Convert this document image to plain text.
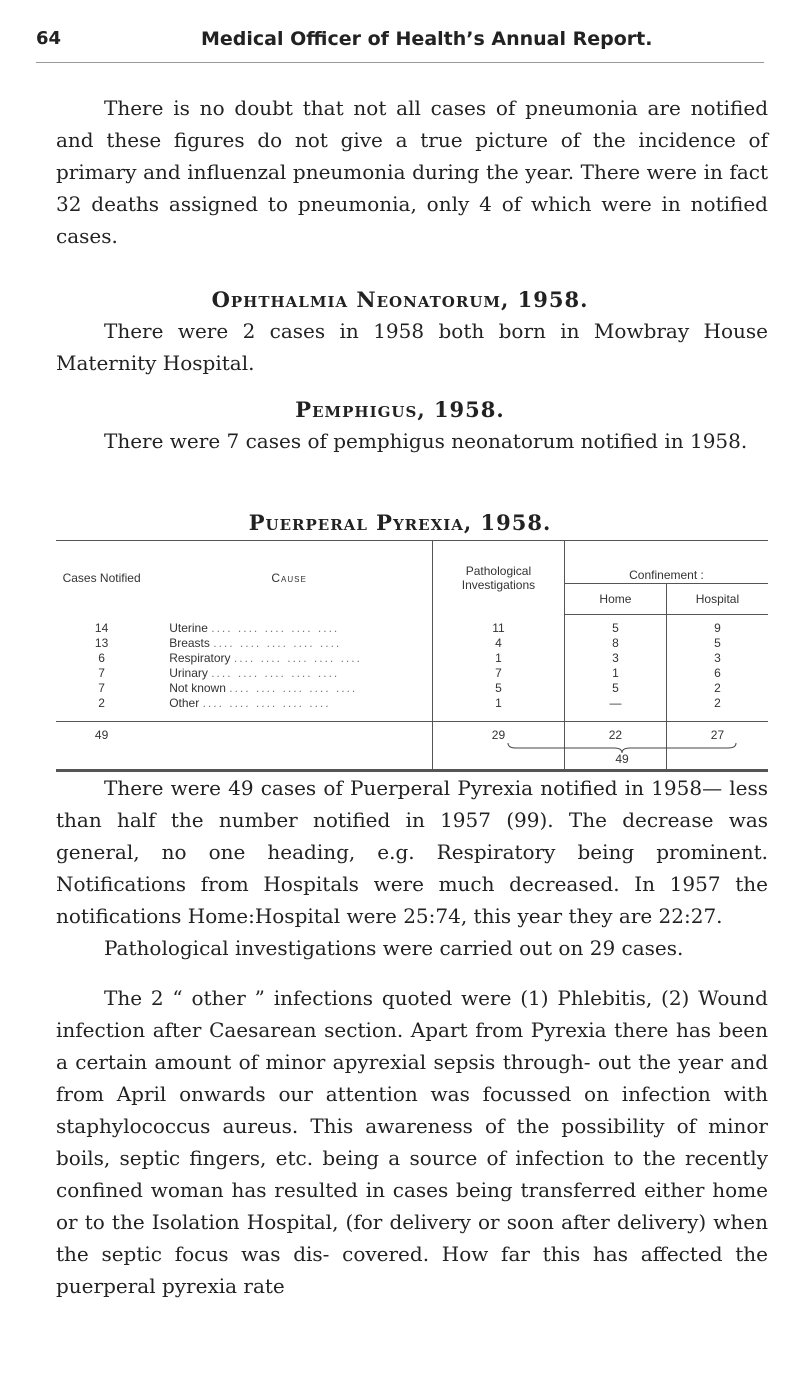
64	Medical Officer of Health’s Annual Report.

There is no doubt that not all cases of pneumonia are notified and these figures do not give a true picture of the incidence of primary and influenzal pneumonia during the year. There were in fact 32 deaths assigned to pneumonia, only 4 of which were in notified cases.

Ophthalmia Neonatorum, 1958.

There were 2 cases in 1958 both born in Mowbray House Maternity Hospital.

Pemphigus, 1958.

There were 7 cases of pemphigus neonatorum notified in 1958.

Puerperal Pyrexia, 1958.
Cases Notified	Cause	Pathological Investigations	Confinement :	
			Home	Hospital
14	Uterine .... .... .... .... ....	11	5	9
13	Breasts .... .... .... .... ....	4	8	5
6	Respiratory .... .... .... .... ....	1	3	3
7	Urinary .... .... .... .... ....	7	1	6
7	Not known .... .... .... .... ....	5	5	2
2	Other .... .... .... .... ....	1	—	2
49		29	22	27
49

There were 49 cases of Puerperal Pyrexia notified in 1958— less than half the number notified in 1957 (99). The decrease was general, no one heading, e.g. Respiratory being prominent. Notifications from Hospitals were much decreased. In 1957 the notifications Home:Hospital were 25:74, this year they are 22:27.

Pathological investigations were carried out on 29 cases.

The 2 “ other ” infections quoted were (1) Phlebitis, (2) Wound infection after Caesarean section. Apart from Pyrexia there has been a certain amount of minor apyrexial sepsis through- out the year and from April onwards our attention was focussed on infection with staphylococcus aureus. This awareness of the possibility of minor boils, septic fingers, etc. being a source of infection to the recently confined woman has resulted in cases being transferred either home or to the Isolation Hospital, (for delivery or soon after delivery) when the septic focus was dis- covered. How far this has affected the puerperal pyrexia rate
